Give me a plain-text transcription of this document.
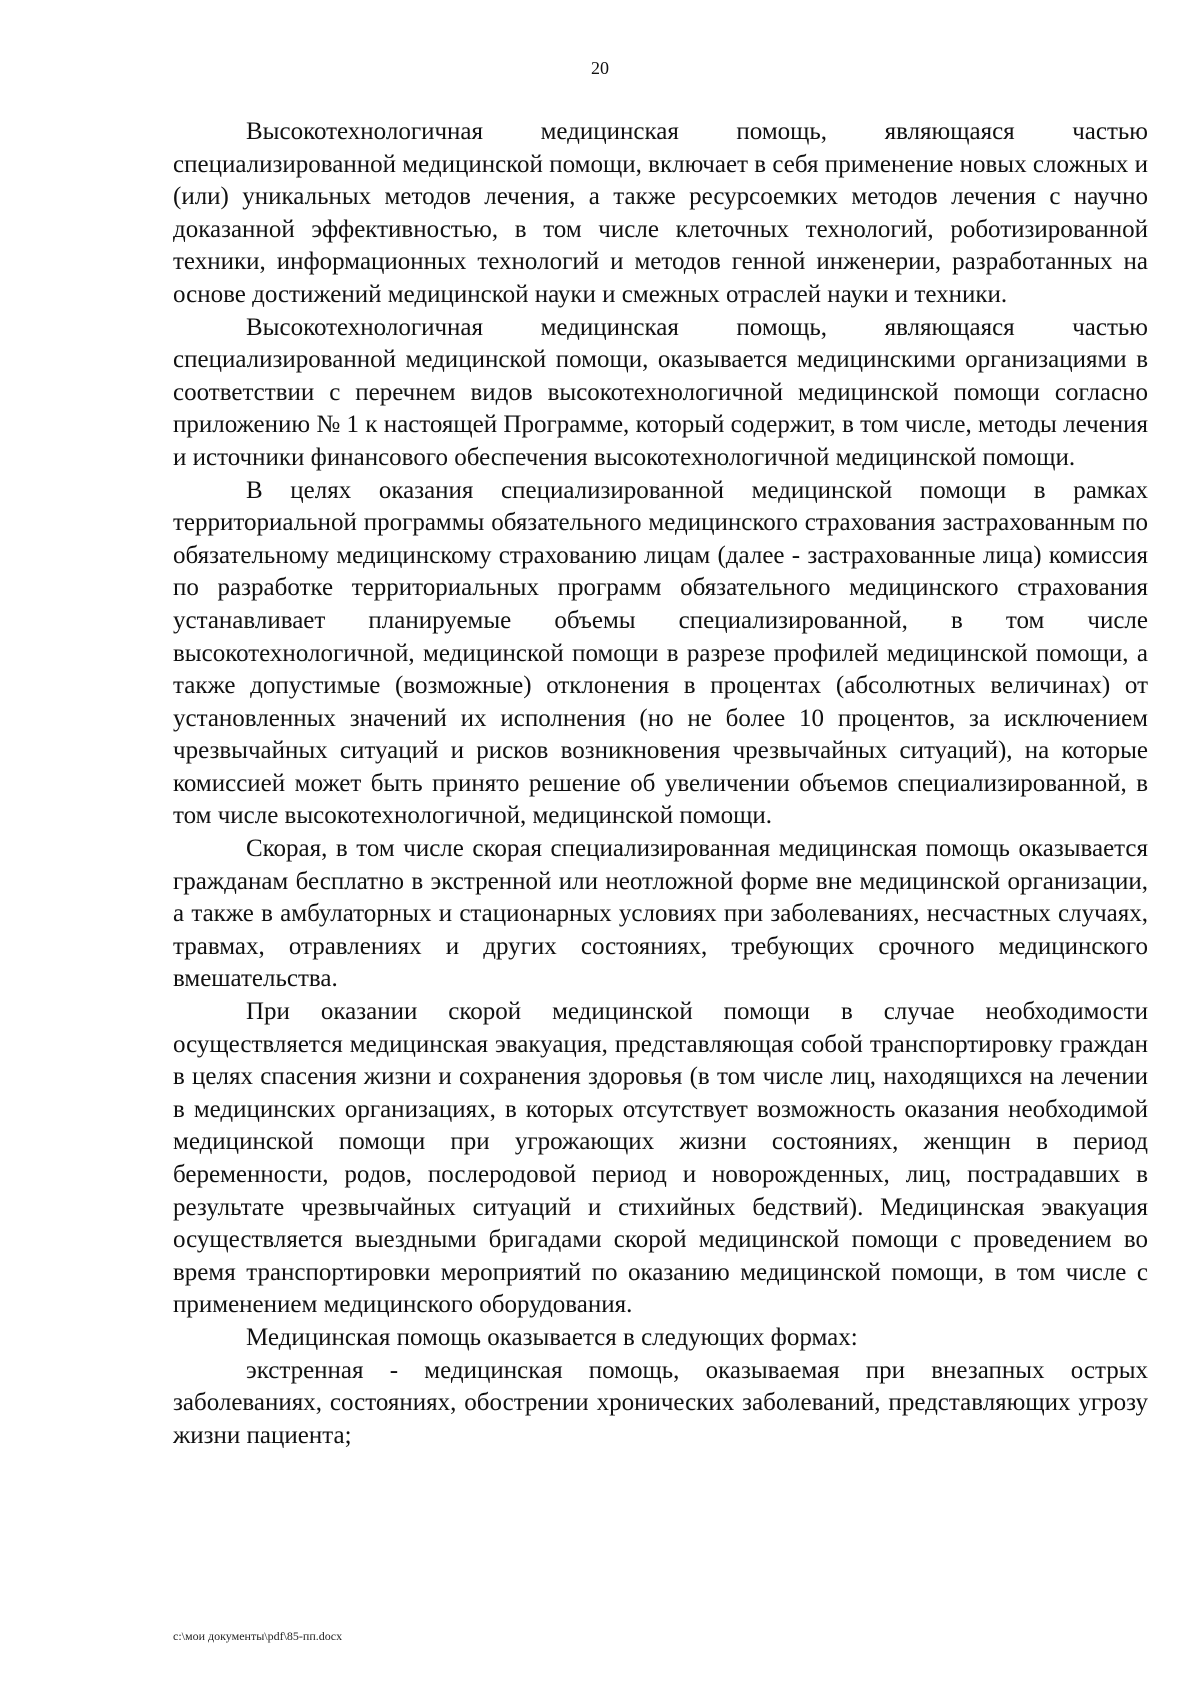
20

Высокотехнологичная медицинская помощь, являющаяся частью специализированной медицинской помощи, включает в себя применение новых сложных и (или) уникальных методов лечения, а также ресурсоемких методов лечения с научно доказанной эффективностью, в том числе клеточных технологий, роботизированной техники, информационных технологий и методов генной инженерии, разработанных на основе достижений медицинской науки и смежных отраслей науки и техники.

Высокотехнологичная медицинская помощь, являющаяся частью специализированной медицинской помощи, оказывается медицинскими организациями в соответствии с перечнем видов высокотехнологичной медицинской помощи согласно приложению № 1 к настоящей Программе, который содержит, в том числе, методы лечения и источники финансового обеспечения высокотехнологичной медицинской помощи.

В целях оказания специализированной медицинской помощи в рамках территориальной программы обязательного медицинского страхования застрахованным по обязательному медицинскому страхованию лицам (далее - застрахованные лица) комиссия по разработке территориальных программ обязательного медицинского страхования устанавливает планируемые объемы специализированной, в том числе высокотехнологичной, медицинской помощи в разрезе профилей медицинской помощи, а также допустимые (возможные) отклонения в процентах (абсолютных величинах) от установленных значений их исполнения (но не более 10 процентов, за исключением чрезвычайных ситуаций и рисков возникновения чрезвычайных ситуаций), на которые комиссией может быть принято решение об увеличении объемов специализированной, в том числе высокотехнологичной, медицинской помощи.

Скорая, в том числе скорая специализированная медицинская помощь оказывается гражданам бесплатно в экстренной или неотложной форме вне медицинской организации, а также в амбулаторных и стационарных условиях при заболеваниях, несчастных случаях, травмах, отравлениях и других состояниях, требующих срочного медицинского вмешательства.

При оказании скорой медицинской помощи в случае необходимости осуществляется медицинская эвакуация, представляющая собой транспортировку граждан в целях спасения жизни и сохранения здоровья (в том числе лиц, находящихся на лечении в медицинских организациях, в которых отсутствует возможность оказания необходимой медицинской помощи при угрожающих жизни состояниях, женщин в период беременности, родов, послеродовой период и новорожденных, лиц, пострадавших в результате чрезвычайных ситуаций и стихийных бедствий). Медицинская эвакуация осуществляется выездными бригадами скорой медицинской помощи с проведением во время транспортировки мероприятий по оказанию медицинской помощи, в том числе с применением медицинского оборудования.

Медицинская помощь оказывается в следующих формах:

экстренная - медицинская помощь, оказываемая при внезапных острых заболеваниях, состояниях, обострении хронических заболеваний, представляющих угрозу жизни пациента;

c:\мои документы\pdf\85-пп.docx
